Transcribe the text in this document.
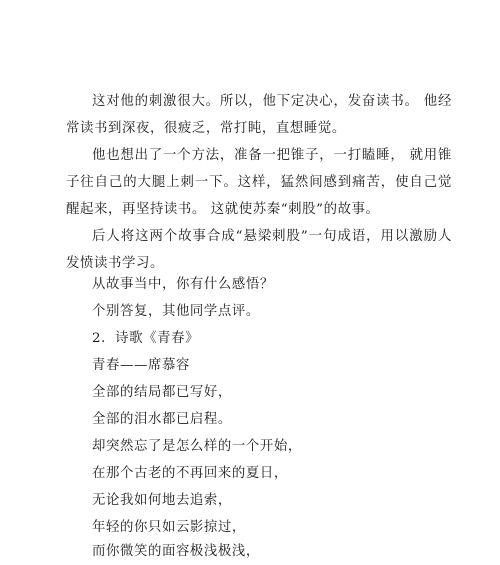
这对他的刺激很大。所以，他下定决心，发奋读书。 他经常读书到深夜，很疲乏，常打盹，直想睡觉。

他也想出了一个方法，准备一把锥子，一打瞌睡， 就用锥子往自己的大腿上刺一下。这样，猛然间感到痛苦，使自己觉醒起来，再坚持读书。 这就使苏秦“刺股”的故事。

后人将这两个故事合成“悬梁刺股”一句成语，用以激励人发愤读书学习。

从故事当中，你有什么感悟？

个别答复，其他同学点评。

2．诗歌《青春》

青春——席慕容

全部的结局都已写好，

全部的泪水都已启程。

却突然忘了是怎么样的一个开始，

在那个古老的不再回来的夏日，

无论我如何地去追索，

年轻的你只如云影掠过，

而你微笑的面容极浅极浅，
